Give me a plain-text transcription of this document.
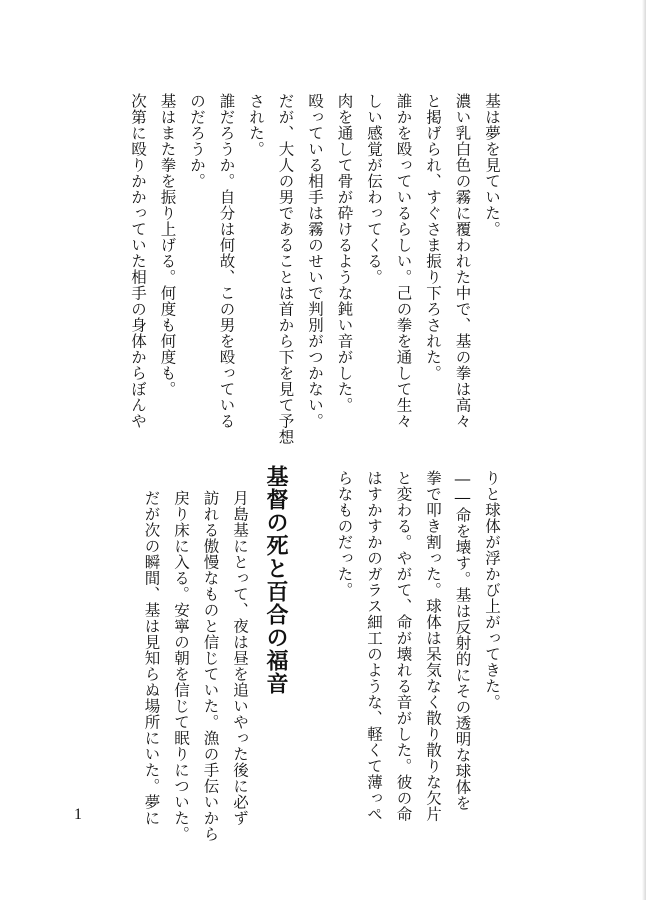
基は夢を見ていた。

濃い乳白色の霧に覆われた中で、基の拳は高々

と掲げられ、すぐさま振り下ろされた。

誰かを殴っているらしい。己の拳を通して生々

しい感覚が伝わってくる。

肉を通して骨が砕けるような鈍い音がした。

殴っている相手は霧のせいで判別がつかない。

だが、大人の男であることは首から下を見て予想

された。

誰だろうか。自分は何故、この男を殴っている

のだろうか。

基はまた拳を振り上げる。何度も何度も。

次第に殴りかかっていた相手の身体からぼんや

りと球体が浮かび上がってきた。

――命を壊す。基は反射的にその透明な球体を

拳で叩き割った。球体は呆気なく散り散りな欠片

と変わる。やがて、命が壊れる音がした。彼の命

はすかすかのガラス細工のような、軽くて薄っぺ

らなものだった。

基督の死と百合の福音

月島基にとって、夜は昼を追いやった後に必ず

訪れる傲慢なものと信じていた。漁の手伝いから

戻り床に入る。安寧の朝を信じて眠りについた。

だが次の瞬間、基は見知らぬ場所にいた。夢に

1
